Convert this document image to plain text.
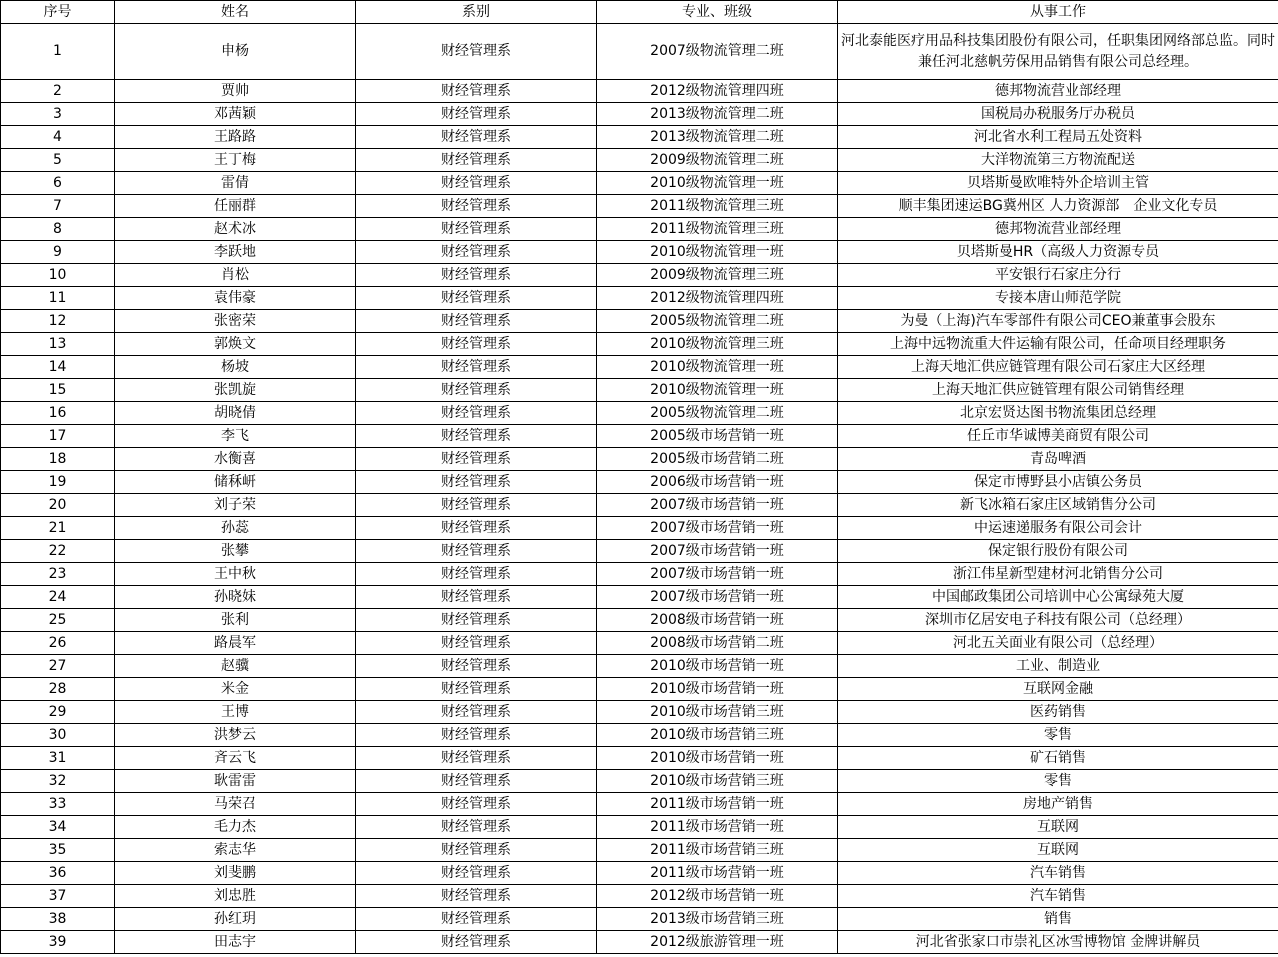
序号	姓名	系别	专业、班级	从事工作
1	申杨	财经管理系	2007级物流管理二班	河北泰能医疗用品科技集团股份有限公司，任职集团网络部总监。同时兼任河北慈帆劳保用品销售有限公司总经理。
2	贾帅	财经管理系	2012级物流管理四班	德邦物流营业部经理
3	邓茜颖	财经管理系	2013级物流管理二班	国税局办税服务厅办税员
4	王路路	财经管理系	2013级物流管理二班	河北省水利工程局五处资料
5	王丁梅	财经管理系	2009级物流管理二班	大洋物流第三方物流配送
6	雷倩	财经管理系	2010级物流管理一班	贝塔斯曼欧唯特外企培训主管
7	任丽群	财经管理系	2011级物流管理三班	顺丰集团速运BG冀州区 人力资源部　企业文化专员
8	赵术冰	财经管理系	2011级物流管理三班	德邦物流营业部经理
9	李跃地	财经管理系	2010级物流管理一班	贝塔斯曼HR（高级人力资源专员
10	肖松	财经管理系	2009级物流管理三班	平安银行石家庄分行
11	袁伟豪	财经管理系	2012级物流管理四班	专接本唐山师范学院
12	张密荣	财经管理系	2005级物流管理二班	为曼（上海)汽车零部件有限公司CEO兼董事会股东
13	郭焕文	财经管理系	2010级物流管理三班	上海中远物流重大件运输有限公司，任命项目经理职务
14	杨坡	财经管理系	2010级物流管理一班	上海天地汇供应链管理有限公司石家庄大区经理
15	张凯旋	财经管理系	2010级物流管理一班	上海天地汇供应链管理有限公司销售经理
16	胡晓倩	财经管理系	2005级物流管理二班	北京宏贤达图书物流集团总经理
17	李飞	财经管理系	2005级市场营销一班	任丘市华诚博美商贸有限公司
18	水衡喜	财经管理系	2005级市场营销二班	青岛啤酒
19	储秝岍	财经管理系	2006级市场营销一班	保定市博野县小店镇公务员
20	刘子荣	财经管理系	2007级市场营销一班	新飞冰箱石家庄区域销售分公司
21	孙蕊	财经管理系	2007级市场营销一班	中运速递服务有限公司会计
22	张攀	财经管理系	2007级市场营销一班	保定银行股份有限公司
23	王中秋	财经管理系	2007级市场营销一班	浙江伟星新型建材河北销售分公司
24	孙晓妹	财经管理系	2007级市场营销一班	中国邮政集团公司培训中心公寓绿苑大厦
25	张利	财经管理系	2008级市场营销一班	深圳市亿居安电子科技有限公司（总经理）
26	路晨军	财经管理系	2008级市场营销二班	河北五关面业有限公司（总经理）
27	赵骥	财经管理系	2010级市场营销一班	工业、制造业
28	米金	财经管理系	2010级市场营销一班	互联网金融
29	王博	财经管理系	2010级市场营销三班	医药销售
30	洪梦云	财经管理系	2010级市场营销三班	零售
31	斉云飞	财经管理系	2010级市场营销一班	矿石销售
32	耿雷雷	财经管理系	2010级市场营销三班	零售
33	马荣召	财经管理系	2011级市场营销一班	房地产销售
34	毛力杰	财经管理系	2011级市场营销一班	互联网
35	索志华	财经管理系	2011级市场营销三班	互联网
36	刘斐鹏	财经管理系	2011级市场营销一班	汽车销售
37	刘忠胜	财经管理系	2012级市场营销一班	汽车销售
38	孙红玥	财经管理系	2013级市场营销三班	销售
39	田志宇	财经管理系	2012级旅游管理一班	河北省张家口市崇礼区冰雪博物馆 金牌讲解员
